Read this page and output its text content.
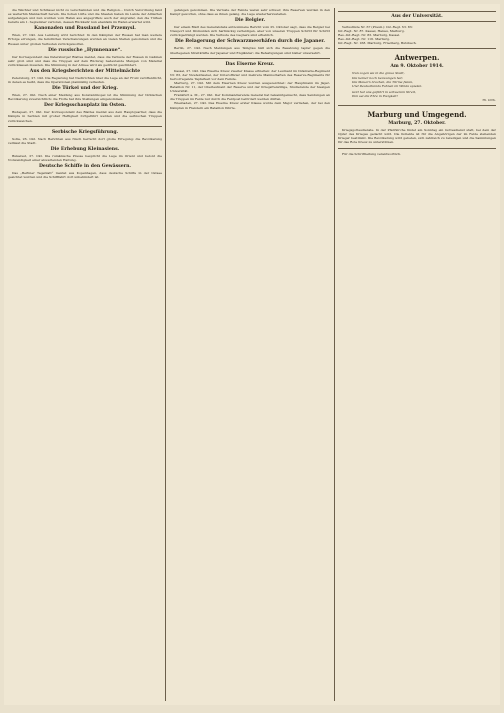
die Wächter und Schlüssel nicht zu verschwinden und die Religion... Durch Verordnung fand es weiterhin Mannschaft herein. Die hohen Lüfte und die Staaten haben im Lande der Alliierten aufgefangen und nun wurden vom Hafen aus angegriffen; auch der Angreifer, den die Türken bereits am 1. September verloren, dessen Rückkehr nun ebenfalls im Hafen erwartet wird.

Kanonaden und Russland bei Przemysl.

Wien, 27. Okt. Aus Lemberg wird berichtet: In den Kämpfen der Russen hat man weitere Erfolge errungen, die feindlichen Verschanzungen wurden an vielen Stellen genommen und die Russen unter großen Verlusten zurückgeworfen.

Die russische „Hymnenaue“.

Der Korrespondent des Petersburger Blattes meldet, dass die Verluste der Russen in Galizien sehr groß sind und dass die Truppen auf dem Rückzug bedeutende Mengen von Material zurücklassen mussten. Die Stimmung in der Armee wird als gedrückt geschildert.

Aus den Kriegsberichten der Mittelmächte

Petersburg, 27. Okt. Die Regierung hat Nachrichten über die Lage an der Front veröffentlicht, in denen es heißt, dass die Operationen planmäßig verlaufen.

Die Türkei und der Krieg.

Wien, 27. Okt. Nach einer Meldung aus Konstantinopel ist die Stimmung der türkischen Bevölkerung zuversichtlich; die Flotte hat ihre Stellungen eingenommen.

Der Kriegsschauplatz im Osten.

Budapest, 27. Okt. Der Korrespondent des Blattes meldet aus dem Hauptquartier, dass die Kämpfe in Serbien mit großer Heftigkeit fortgeführt werden und die serbischen Truppen zurückweichen.

Serbische Kriegsführung.

Sofia, 26. Okt. Nach Berichten aus Nisch herrscht dort große Erregung; die Bevölkerung verlässt die Stadt.

Die Erhebung Kleinasiens.

Bukarest, 27. Okt. Die rumänische Presse bespricht die Lage im Orient und betont die Notwendigkeit einer abwartenden Haltung.

Deutsche Schiffe in den Gewässern.

Das „Berliner Tageblatt“ meldet aus Kopenhagen, dass deutsche Schiffe in der Ostsee gesichtet wurden und die Schifffahrt dort unbehindert ist.

gefangen genommen. Die Verluste der Feinde waren sehr schwer; ihre Reserven wurden in den Kampf geworfen, ohne dass es ihnen gelang, die Lage wiederherzustellen.

Die Belgier.

Der einem Blatt des Generalstabs entnommene Bericht vom 25. Oktober sagt, dass die Belgier bei Nieuport und Dixmuiden sich hartnäckig verteidigen, aber von unseren Truppen Schritt für Schritt zurückgedrängt werden. Die Verluste des Gegners sind erheblich.

Die Belagerung der Schwarzmeerhäfen durch die Japaner.

Berlin, 27. Okt. Nach Meldungen aus Tsingtau hält sich die Besatzung tapfer gegen die überlegenen Streitkräfte der Japaner und Engländer; die Befestigungen sind bisher unversehrt.

Das Eiserne Kreuz.

Kassel, 27. Okt. Das Eiserne Kreuz zweiter Klasse erhielten: der Leutnant im Infanterie-Regiment Nr. 83, der Vizefeldwebel, der Unteroffizier und mehrere Mannschaften des Reserve-Regiments für hervorragende Tapferkeit vor dem Feinde.

Marburg, 27. Okt. Mit dem Eisernen Kreuz wurden ausgezeichnet: der Hauptmann im Jäger-Bataillon Nr. 11, der Oberleutnant der Reserve und der Kriegsfreiwillige, Studierende der hiesigen Universität.

Frankfurt a. M., 27. Okt. Der Kommandierende General hat bekanntgemacht, dass Sendungen an die Truppen im Felde nur durch die Feldpost befördert werden dürfen.

Wiesbaden, 27. Okt. Das Eiserne Kreuz erster Klasse wurde dem Major verliehen, der bei den Kämpfen in Flandern ein Bataillon führte.

Aus der Universität.

Verlustliste Nr. 67 (Preuß.): Inf.-Regt. Nr. 83:

Inf.-Regt. Nr. 87. Kassel, Hanau, Marburg.
Res.-Inf.-Regt. Nr. 83. Marburg, Kassel.
Res.-Inf.-Regt. Nr. 116. Marburg.
Inf.-Regt. Nr. 168. Marburg, Friedberg, Butzbach.
Antwerpen.
Am 9. Oktober 1914.
Nun zogen sie in die graue Stadt,
Die keiner noch bezwungen hat;
Die Mauern brachen, die Türme fielen,
Und Deutschlands Fahnen im Winde spielen.
Gott hat uns geführt in schwerem Streit,
Ihm sei die Ehre in Ewigkeit!
Th. Dirk.
Marburg und Umgegend.
Marburg, 27. Oktober.

Kriegsgottesdienste. In der Pfarrkirche findet am Sonntag ein Gottesdienst statt, bei dem der Opfer des Krieges gedacht wird. Die Kollekte ist für die Angehörigen der im Felde stehenden Krieger bestimmt. Die Bevölkerung wird gebeten, sich zahlreich zu beteiligen und die Sammlungen für das Rote Kreuz zu unterstützen.

Für die Schriftleitung verantwortlich.
